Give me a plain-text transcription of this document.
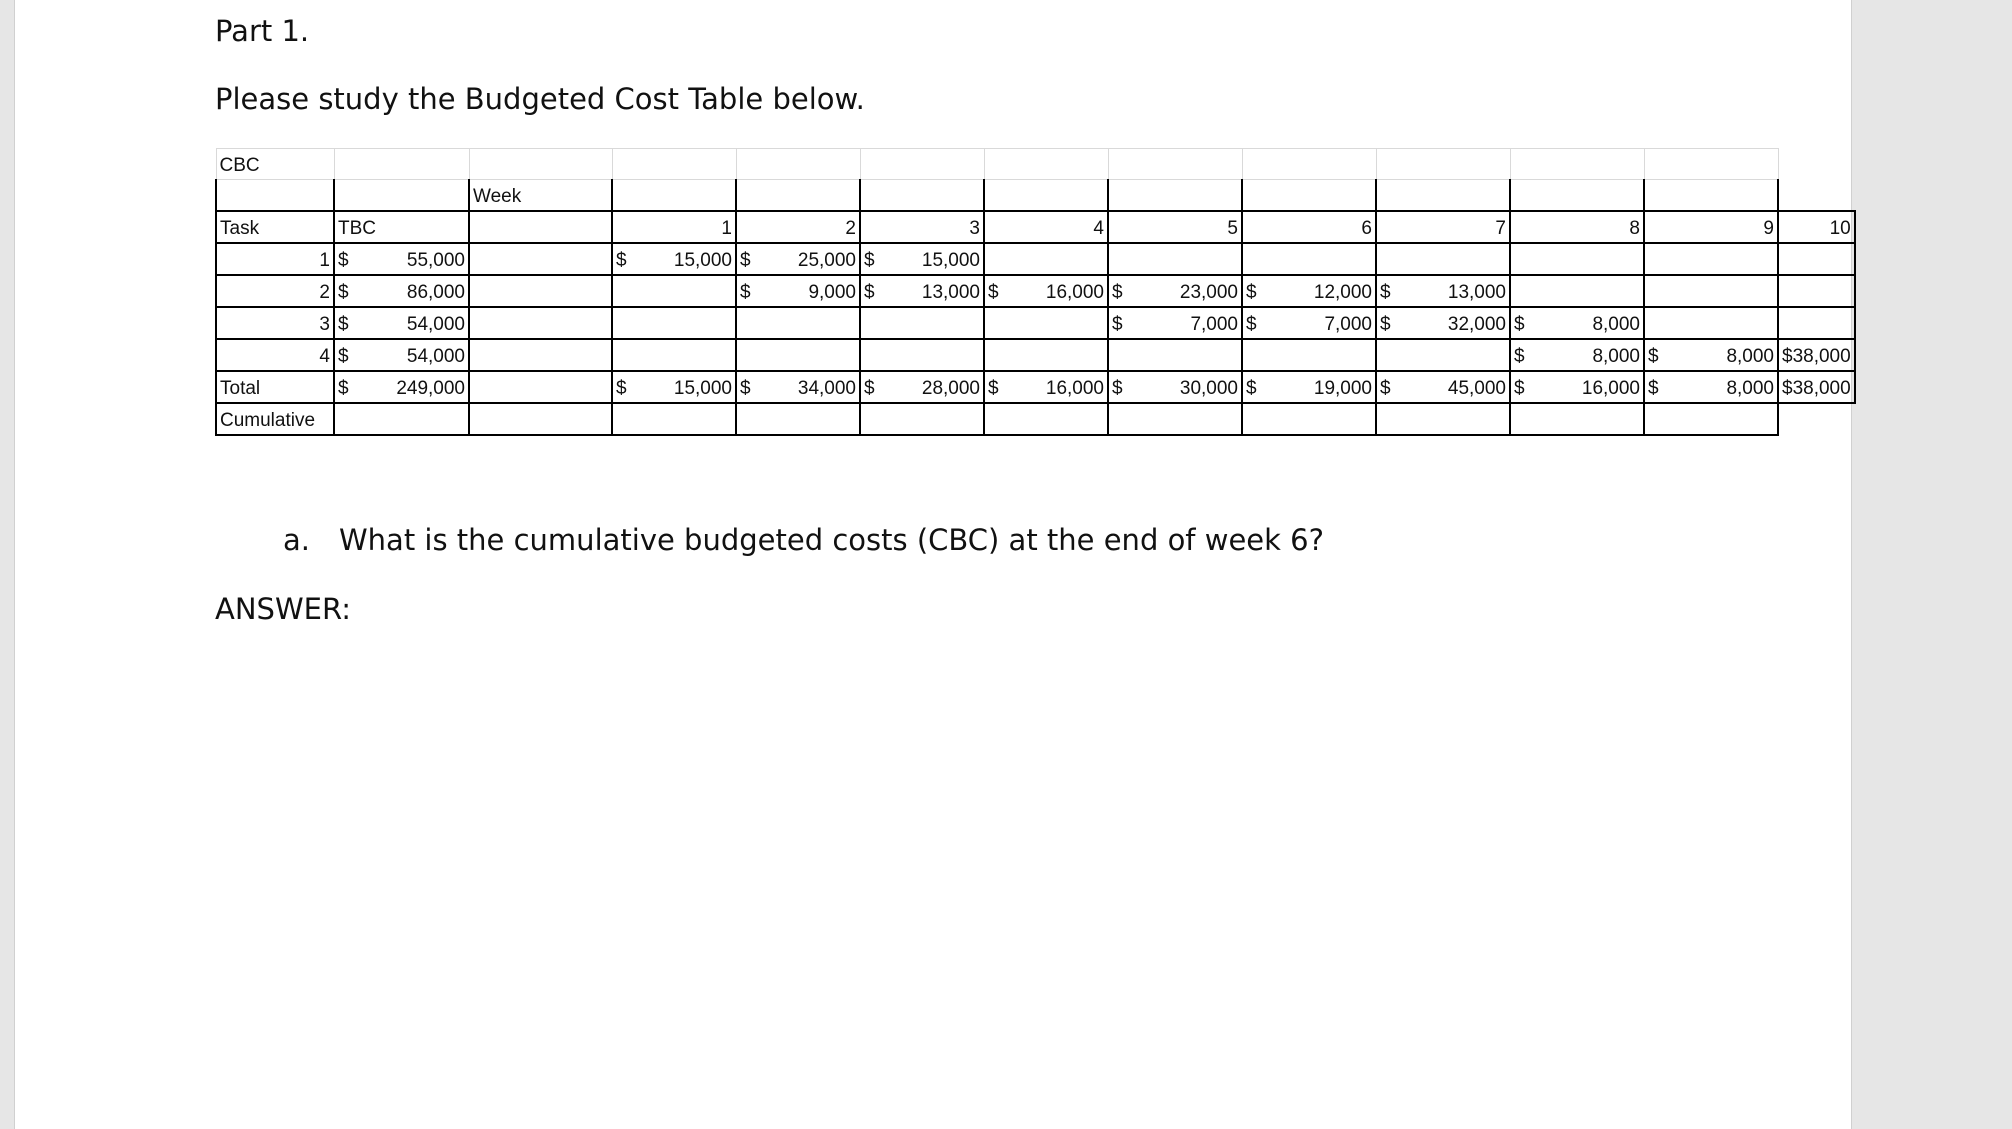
Part 1.
Please study the Budgeted Cost Table below.
CBC												
		Week										
Task	TBC		1	2	3	4	5	6	7	8	9	10
1	$ 55,000		$ 15,000	$ 25,000	$ 15,000							

2	$ 86,000			$ 9,000	$ 13,000	$ 16,000	$ 23,000	$ 12,000	$ 13,000			

3	$ 54,000						$ 7,000	$ 7,000	$ 32,000	$ 8,000		

4	$ 54,000									$ 8,000	$ 8,000	$ 38,000

Total	$ 249,000		$ 15,000	$ 34,000	$ 28,000	$ 16,000	$ 30,000	$ 19,000	$ 45,000	$ 16,000	$ 8,000	$ 38,000

Cumulative												
a. What is the cumulative budgeted costs (CBC) at the end of week 6?
ANSWER:
